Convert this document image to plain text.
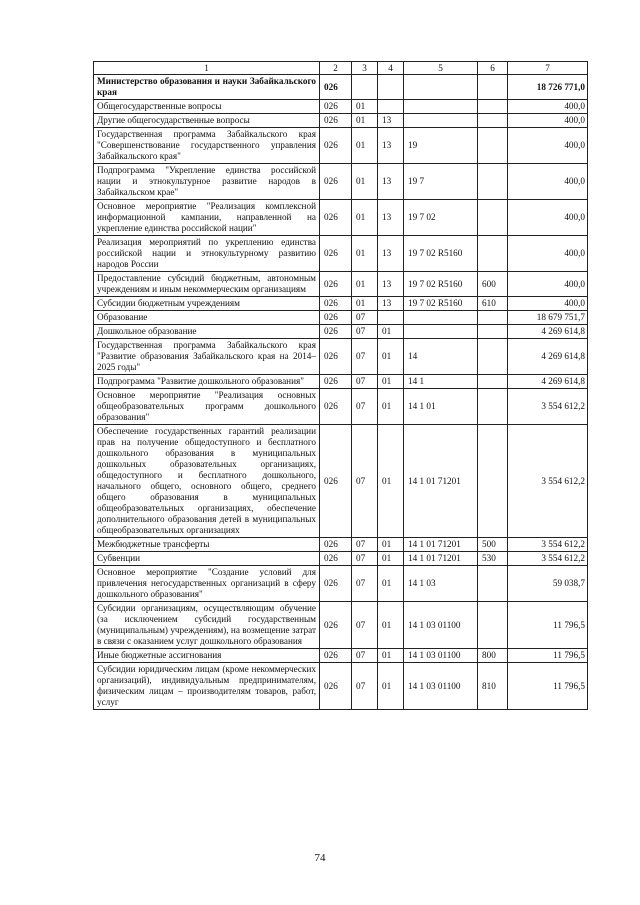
1	2	3	4	5	6	7
Министерство образования и науки Забайкальского края	026					18 726 771,0
Общегосударственные вопросы	026	01				400,0
Другие общегосударственные вопросы	026	01	13			400,0
Государственная программа Забайкальского края "Совершенствование государственного управления Забайкальского края"	026	01	13	19		400,0
Подпрограмма "Укрепление единства российской нации и этнокультурное развитие народов в Забайкальском крае"	026	01	13	19 7		400,0
Основное мероприятие "Реализация комплексной информационной кампании, направленной на укрепление единства российской нации"	026	01	13	19 7 02		400,0
Реализация мероприятий по укреплению единства российской нации и этнокультурному развитию народов России	026	01	13	19 7 02 R5160		400,0
Предоставление субсидий бюджетным, автономным учреждениям и иным некоммерческим организациям	026	01	13	19 7 02 R5160	600	400,0
Субсидии бюджетным учреждениям	026	01	13	19 7 02 R5160	610	400,0
Образование	026	07				18 679 751,7
Дошкольное образование	026	07	01			4 269 614,8
Государственная программа Забайкальского края "Развитие образования Забайкальского края на 2014–2025 годы"	026	07	01	14		4 269 614,8
Подпрограмма "Развитие дошкольного образования"	026	07	01	14 1		4 269 614,8
Основное мероприятие "Реализация основных общеобразовательных программ дошкольного образования"	026	07	01	14 1 01		3 554 612,2
Обеспечение государственных гарантий реализации прав на получение общедоступного и бесплатного дошкольного образования в муниципальных дошкольных образовательных организациях, общедоступного и бесплатного дошкольного, начального общего, основного общего, среднего общего образования в муниципальных общеобразовательных организациях, обеспечение дополнительного образования детей в муниципальных общеобразовательных организациях	026	07	01	14 1 01 71201		3 554 612,2
Межбюджетные трансферты	026	07	01	14 1 01 71201	500	3 554 612,2
Субвенции	026	07	01	14 1 01 71201	530	3 554 612,2
Основное мероприятие "Создание условий для привлечения негосударственных организаций в сферу дошкольного образования"	026	07	01	14 1 03		59 038,7
Субсидии организациям, осуществляющим обучение (за исключением субсидий государственным (муниципальным) учреждениям), на возмещение затрат в связи с оказанием услуг дошкольного образования	026	07	01	14 1 03 01100		11 796,5
Иные бюджетные ассигнования	026	07	01	14 1 03 01100	800	11 796,5
Субсидии юридическим лицам (кроме некоммерческих организаций), индивидуальным предпринимателям, физическим лицам – производителям товаров, работ, услуг	026	07	01	14 1 03 01100	810	11 796,5
74
